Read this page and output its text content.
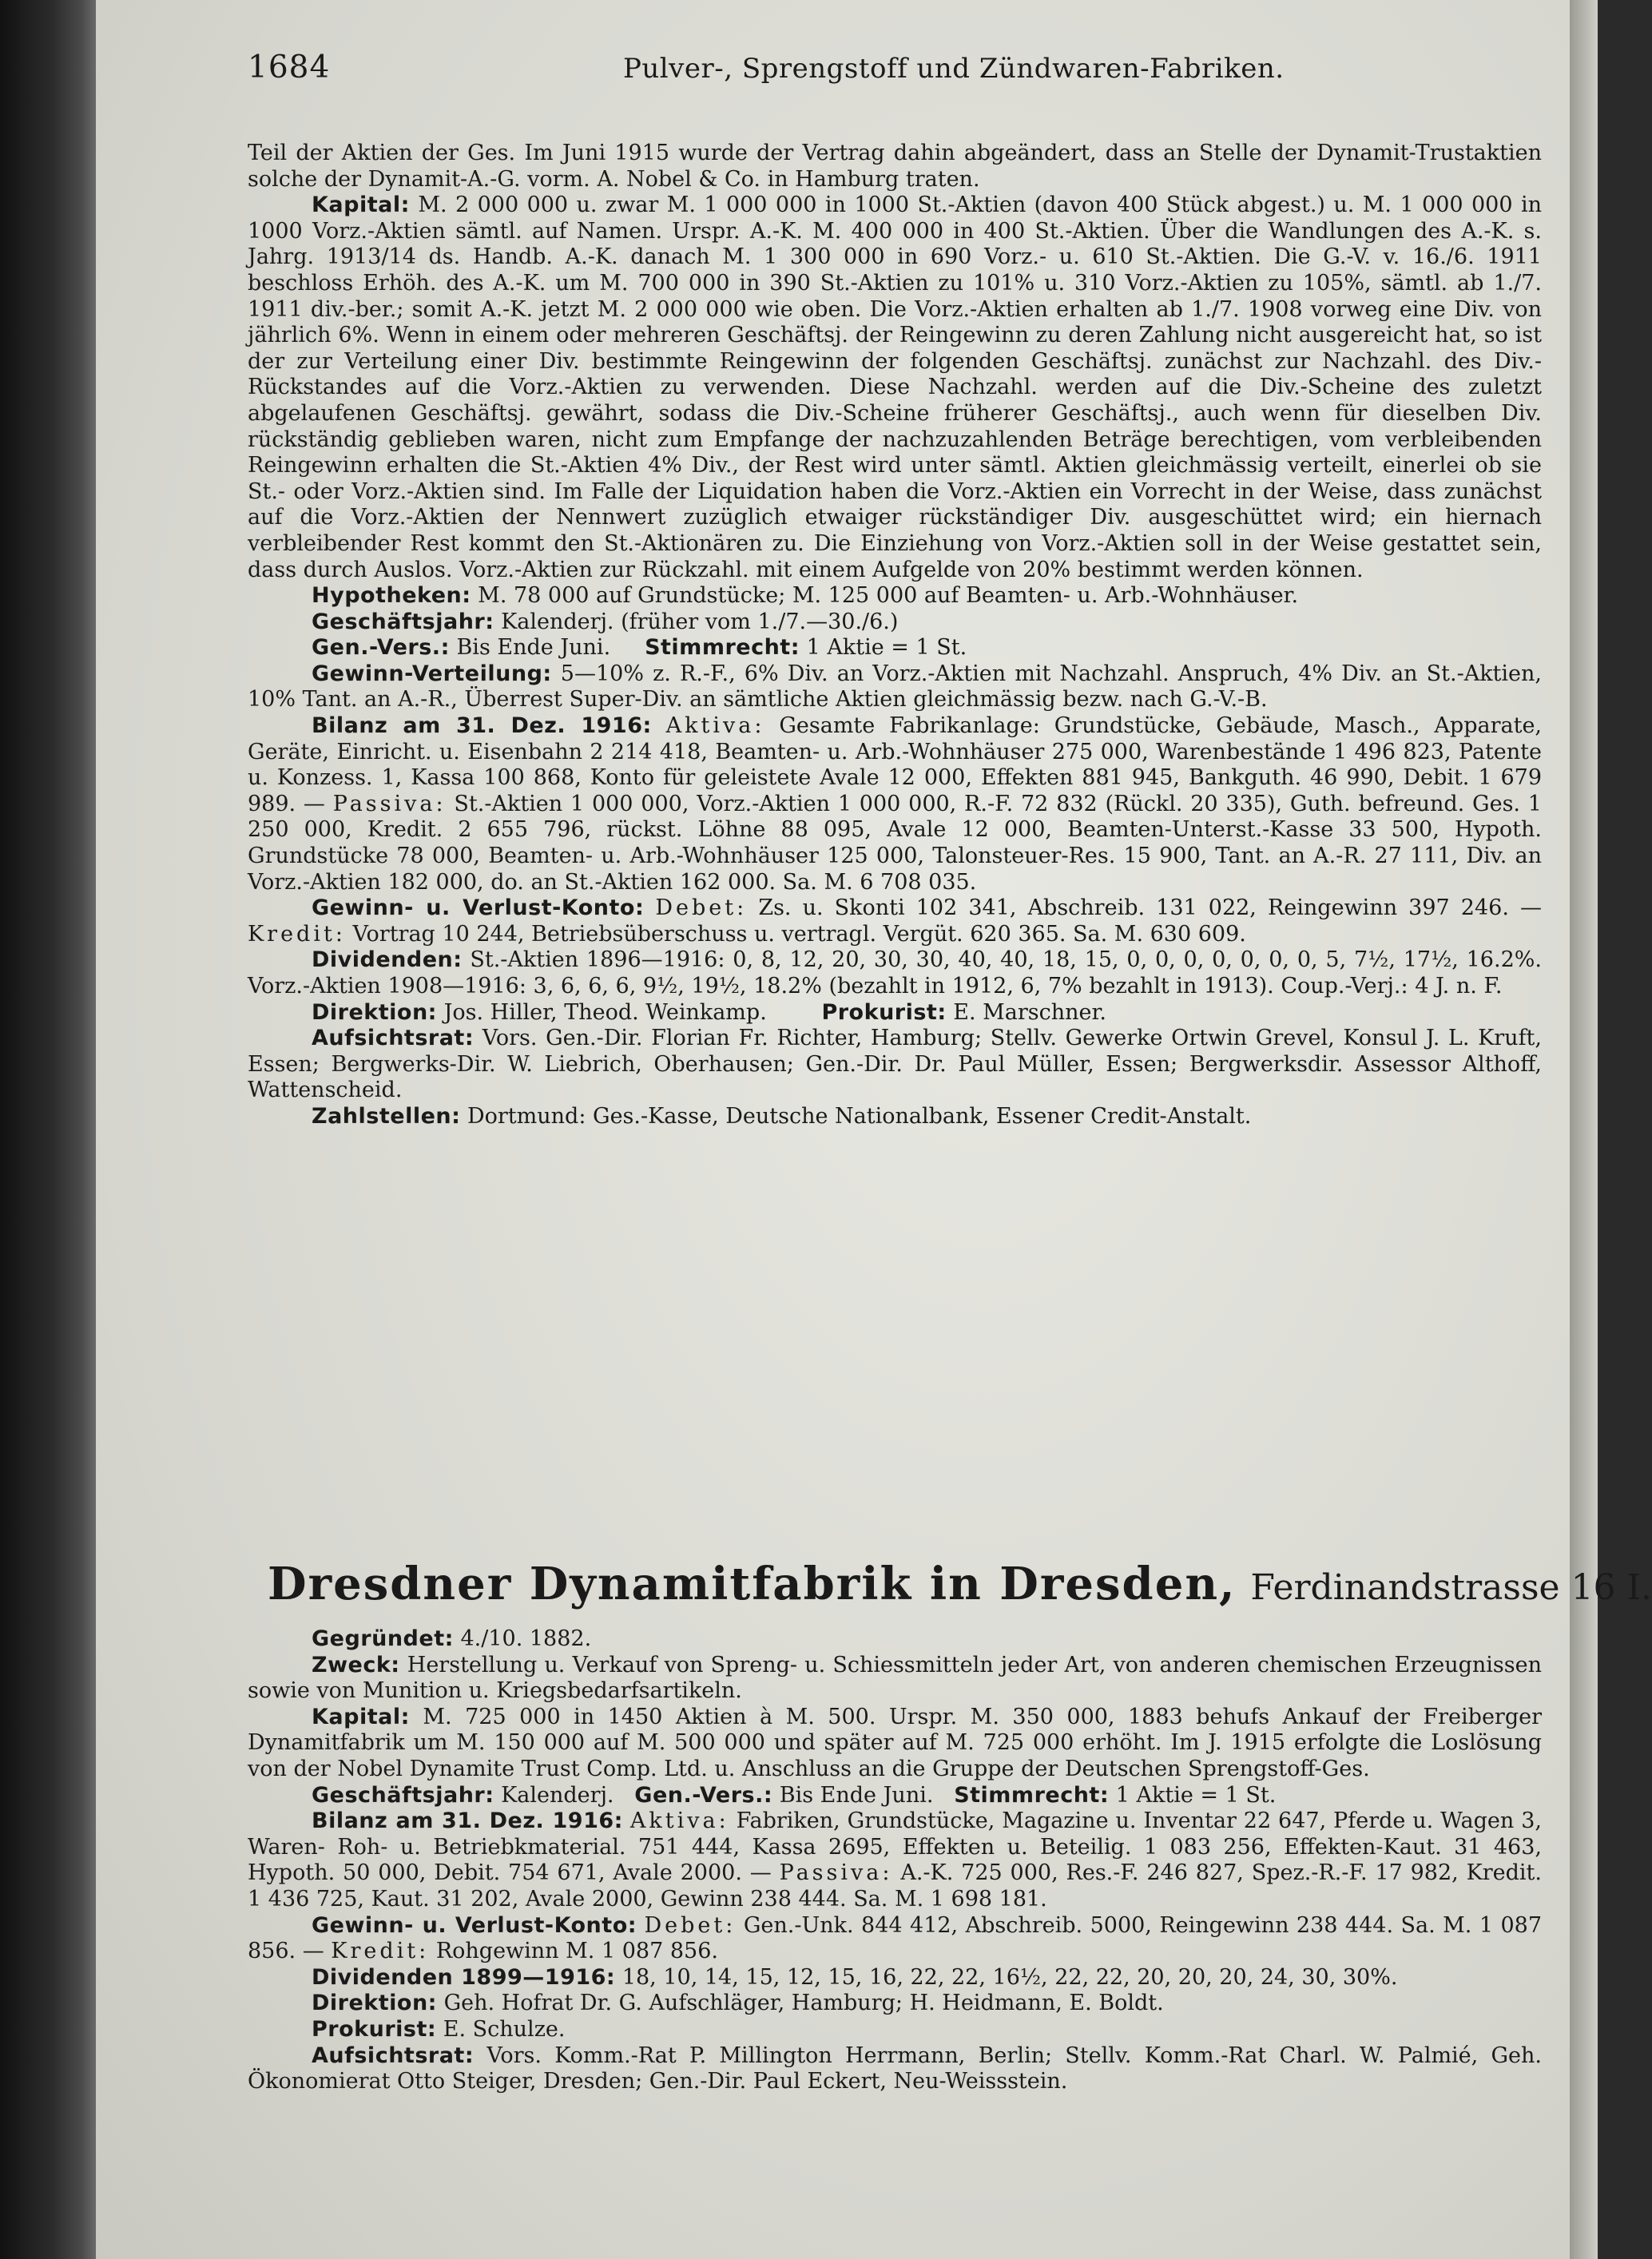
1684	Pulver-, Sprengstoff und Zündwaren-Fabriken.

Teil der Aktien der Ges. Im Juni 1915 wurde der Vertrag dahin abgeändert, dass an Stelle der Dynamit-Trustaktien solche der Dynamit-A.-G. vorm. A. Nobel & Co. in Hamburg traten.

Kapital: M. 2 000 000 u. zwar M. 1 000 000 in 1000 St.-Aktien (davon 400 Stück abgest.) u. M. 1 000 000 in 1000 Vorz.-Aktien sämtl. auf Namen. Urspr. A.-K. M. 400 000 in 400 St.-Aktien. Über die Wandlungen des A.-K. s. Jahrg. 1913/14 ds. Handb. A.-K. danach M. 1 300 000 in 690 Vorz.- u. 610 St.-Aktien. Die G.-V. v. 16./6. 1911 beschloss Erhöh. des A.-K. um M. 700 000 in 390 St.-Aktien zu 101% u. 310 Vorz.-Aktien zu 105%, sämtl. ab 1./7. 1911 div.-ber.; somit A.-K. jetzt M. 2 000 000 wie oben. Die Vorz.-Aktien erhalten ab 1./7. 1908 vorweg eine Div. von jährlich 6%. Wenn in einem oder mehreren Geschäftsj. der Reingewinn zu deren Zahlung nicht ausgereicht hat, so ist der zur Verteilung einer Div. bestimmte Reingewinn der folgenden Geschäftsj. zunächst zur Nachzahl. des Div.-Rückstandes auf die Vorz.-Aktien zu verwenden. Diese Nachzahl. werden auf die Div.-Scheine des zuletzt abgelaufenen Geschäftsj. gewährt, sodass die Div.-Scheine früherer Geschäftsj., auch wenn für dieselben Div. rückständig geblieben waren, nicht zum Empfange der nachzuzahlenden Beträge berechtigen, vom verbleibenden Reingewinn erhalten die St.-Aktien 4% Div., der Rest wird unter sämtl. Aktien gleichmässig verteilt, einerlei ob sie St.- oder Vorz.-Aktien sind. Im Falle der Liquidation haben die Vorz.-Aktien ein Vorrecht in der Weise, dass zunächst auf die Vorz.-Aktien der Nennwert zuzüglich etwaiger rückständiger Div. ausgeschüttet wird; ein hiernach verbleibender Rest kommt den St.-Aktionären zu. Die Einziehung von Vorz.-Aktien soll in der Weise gestattet sein, dass durch Auslos. Vorz.-Aktien zur Rückzahl. mit einem Aufgelde von 20% bestimmt werden können.

Hypotheken: M. 78 000 auf Grundstücke; M. 125 000 auf Beamten- u. Arb.-Wohnhäuser.

Geschäftsjahr: Kalenderj. (früher vom 1./7.—30./6.)

Gen.-Vers.: Bis Ende Juni. Stimmrecht: 1 Aktie = 1 St.

Gewinn-Verteilung: 5—10% z. R.-F., 6% Div. an Vorz.-Aktien mit Nachzahl. Anspruch, 4% Div. an St.-Aktien, 10% Tant. an A.-R., Überrest Super-Div. an sämtliche Aktien gleichmässig bezw. nach G.-V.-B.

Bilanz am 31. Dez. 1916: Aktiva: Gesamte Fabrikanlage: Grundstücke, Gebäude, Masch., Apparate, Geräte, Einricht. u. Eisenbahn 2 214 418, Beamten- u. Arb.-Wohnhäuser 275 000, Warenbestände 1 496 823, Patente u. Konzess. 1, Kassa 100 868, Konto für geleistete Avale 12 000, Effekten 881 945, Bankguth. 46 990, Debit. 1 679 989. — Passiva: St.-Aktien 1 000 000, Vorz.-Aktien 1 000 000, R.-F. 72 832 (Rückl. 20 335), Guth. befreund. Ges. 1 250 000, Kredit. 2 655 796, rückst. Löhne 88 095, Avale 12 000, Beamten-Unterst.-Kasse 33 500, Hypoth. Grundstücke 78 000, Beamten- u. Arb.-Wohnhäuser 125 000, Talonsteuer-Res. 15 900, Tant. an A.-R. 27 111, Div. an Vorz.-Aktien 182 000, do. an St.-Aktien 162 000. Sa. M. 6 708 035.

Gewinn- u. Verlust-Konto: Debet: Zs. u. Skonti 102 341, Abschreib. 131 022, Reingewinn 397 246. — Kredit: Vortrag 10 244, Betriebsüberschuss u. vertragl. Vergüt. 620 365. Sa. M. 630 609.

Dividenden: St.-Aktien 1896—1916: 0, 8, 12, 20, 30, 30, 40, 40, 18, 15, 0, 0, 0, 0, 0, 0, 0, 5, 7½, 17½, 16.2%. Vorz.-Aktien 1908—1916: 3, 6, 6, 6, 9½, 19½, 18.2% (bezahlt in 1912, 6, 7% bezahlt in 1913). Coup.-Verj.: 4 J. n. F.

Direktion: Jos. Hiller, Theod. Weinkamp.	Prokurist: E. Marschner.

Aufsichtsrat: Vors. Gen.-Dir. Florian Fr. Richter, Hamburg; Stellv. Gewerke Ortwin Grevel, Konsul J. L. Kruft, Essen; Bergwerks-Dir. W. Liebrich, Oberhausen; Gen.-Dir. Dr. Paul Müller, Essen; Bergwerksdir. Assessor Althoff, Wattenscheid.

Zahlstellen: Dortmund: Ges.-Kasse, Deutsche Nationalbank, Essener Credit-Anstalt.

Dresdner Dynamitfabrik in Dresden, Ferdinandstrasse 16 I.

Gegründet: 4./10. 1882.

Zweck: Herstellung u. Verkauf von Spreng- u. Schiessmitteln jeder Art, von anderen chemischen Erzeugnissen sowie von Munition u. Kriegsbedarfsartikeln.

Kapital: M. 725 000 in 1450 Aktien à M. 500. Urspr. M. 350 000, 1883 behufs Ankauf der Freiberger Dynamitfabrik um M. 150 000 auf M. 500 000 und später auf M. 725 000 erhöht. Im J. 1915 erfolgte die Loslösung von der Nobel Dynamite Trust Comp. Ltd. u. Anschluss an die Gruppe der Deutschen Sprengstoff-Ges.

Geschäftsjahr: Kalenderj. Gen.-Vers.: Bis Ende Juni. Stimmrecht: 1 Aktie = 1 St.

Bilanz am 31. Dez. 1916: Aktiva: Fabriken, Grundstücke, Magazine u. Inventar 22 647, Pferde u. Wagen 3, Waren- Roh- u. Betriebkmaterial. 751 444, Kassa 2695, Effekten u. Beteilig. 1 083 256, Effekten-Kaut. 31 463, Hypoth. 50 000, Debit. 754 671, Avale 2000. — Passiva: A.-K. 725 000, Res.-F. 246 827, Spez.-R.-F. 17 982, Kredit. 1 436 725, Kaut. 31 202, Avale 2000, Gewinn 238 444. Sa. M. 1 698 181.

Gewinn- u. Verlust-Konto: Debet: Gen.-Unk. 844 412, Abschreib. 5000, Reingewinn 238 444. Sa. M. 1 087 856. — Kredit: Rohgewinn M. 1 087 856.

Dividenden 1899—1916: 18, 10, 14, 15, 12, 15, 16, 22, 22, 16½, 22, 22, 20, 20, 20, 24, 30, 30%.

Direktion: Geh. Hofrat Dr. G. Aufschläger, Hamburg; H. Heidmann, E. Boldt.

Prokurist: E. Schulze.

Aufsichtsrat: Vors. Komm.-Rat P. Millington Herrmann, Berlin; Stellv. Komm.-Rat Charl. W. Palmié, Geh. Ökonomierat Otto Steiger, Dresden; Gen.-Dir. Paul Eckert, Neu-Weissstein.
